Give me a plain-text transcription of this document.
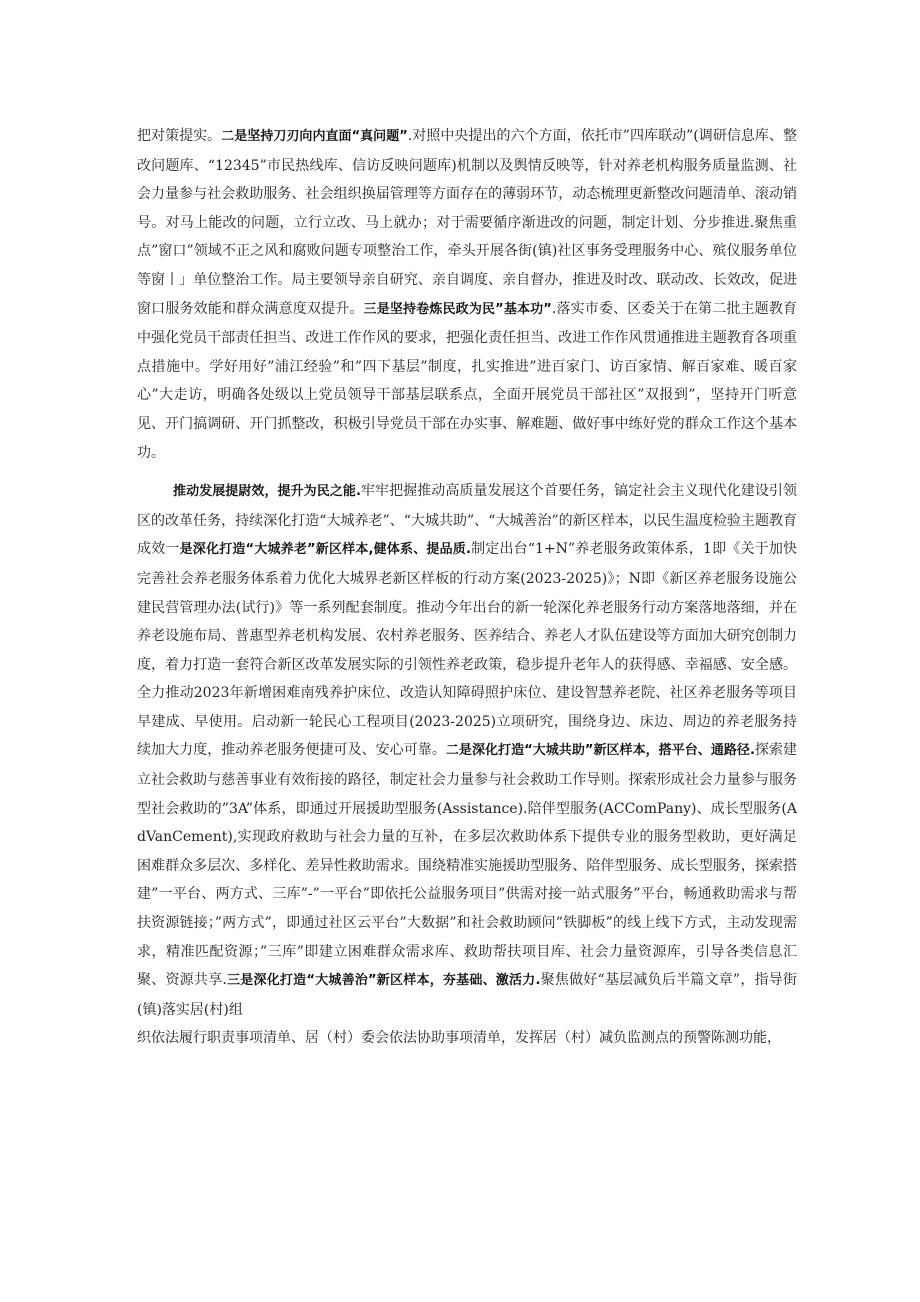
把对策提实。二是坚持刀刃向内直面“真问题”.对照中央提出的六个方面，依托市”四库联动”(调研信息库、整改问题库、“12345”市民热线库、信访反映问题库)机制以及舆情反映等，针对养老机构服务质量监测、社会力量参与社会救助服务、社会组织换届管理等方面存在的薄弱环节，动态梳理更新整改问题清单、滚动销号。对马上能改的问题，立行立改、马上就办；对于需要循序渐进改的问题，制定计划、分步推进.聚焦重点”窗口”领域不正之风和腐败问题专项整治工作，牵头开展各街(镇)社区事务受理服务中心、殡仪服务单位等窗丨」单位整治工作。局主要领导亲自研究、亲自调度、亲自督办，推进及时改、联动改、长效改，促进窗口服务效能和群众满意度双提升。三是坚持卷炼民政为民”基本功”.落实市委、区委关于在第二批主题教育中强化党员干部责任担当、改进工作作风的要求，把强化责任担当、改进工作作风贯通推进主题教育各项重点措施中。学好用好”浦江经验”和”四下基层”制度，扎实推进”进百家门、访百家情、解百家难、暖百家心”大走访，明确各处级以上党员领导干部基层联系点，全面开展党员干部社区”双报到”，坚持开门听意见、开门搞调研、开门抓整改，积极引导党员干部在办实事、解难题、做好事中练好党的群众工作这个基本功。

推动发展提尉效，提升为民之能.牢牢把握推动高质量发展这个首要任务，镐定社会主义现代化建设引领区的改革任务，持续深化打造“大城养老”、“大城共助”、“大城善治”的新区样本，以民生温度检验主题教育成效一是深化打造“大城养老”新区样本,健体系、提品质.制定出台“1+N”养老服务政策体系，1即《关于加快完善社会养老服务体系着力优化大城界老新区样板的行动方案(2023-2025)》；N即《新区养老服务设施公建民营管理办法(试行)》等一系列配套制度。推动今年出台的新一轮深化养老服务行动方案落地落细，并在养老设施布局、普惠型养老机构发展、农村养老服务、医养结合、养老人才队伍建设等方面加大研究创制力度，着力打造一套符合新区改革发展实际的引领性养老政策，稳步提升老年人的获得感、幸福感、安全感。全力推动2023年新增困难南残养护床位、改造认知障碍照护床位、建设智慧养老院、社区养老服务等项目早建成、早使用。启动新一轮民心工程项目(2023-2025)立项研究，围绕身边、床边、周边的养老服务持续加大力度，推动养老服务便捷可及、安心可靠。二是深化打造“大城共助”新区样本，搭平台、通路径.探索建立社会救助与慈善事业有效衔接的路径，制定社会力量参与社会救助工作导则。探索形成社会力量参与服务型社会救助的”3A”体系，即通过开展援助型服务(Assistance).陪伴型服务(ACComPany)、成长型服务(AdVanCement),实现政府救助与社会力量的互补，在多层次救助体系下提供专业的服务型救助，更好满足困难群众多层次、多样化、差异性救助需求。围绕精准实施援助型服务、陪伴型服务、成长型服务，探索搭建”一平台、两方式、三库”-”一平台”即依托公益服务项目”供需对接一站式服务”平台，畅通救助需求与帮扶资源链接；”两方式”，即通过社区云平台”大数据”和社会救助顾问”铁脚板”的线上线下方式，主动发现需求，精准匹配资源；”三库”即建立困难群众需求库、救助帮扶项目库、社会力量资源库，引导各类信息汇聚、资源共享.三是深化打造“大城善治”新区样本，夯基础、激活力.聚焦做好“基层减负后半篇文章”，指导街(镇)落实居(村)组

织依法履行职责事项清单、居（村）委会依法协助事项清单，发挥居（村）减负监测点的预警陈测功能，
